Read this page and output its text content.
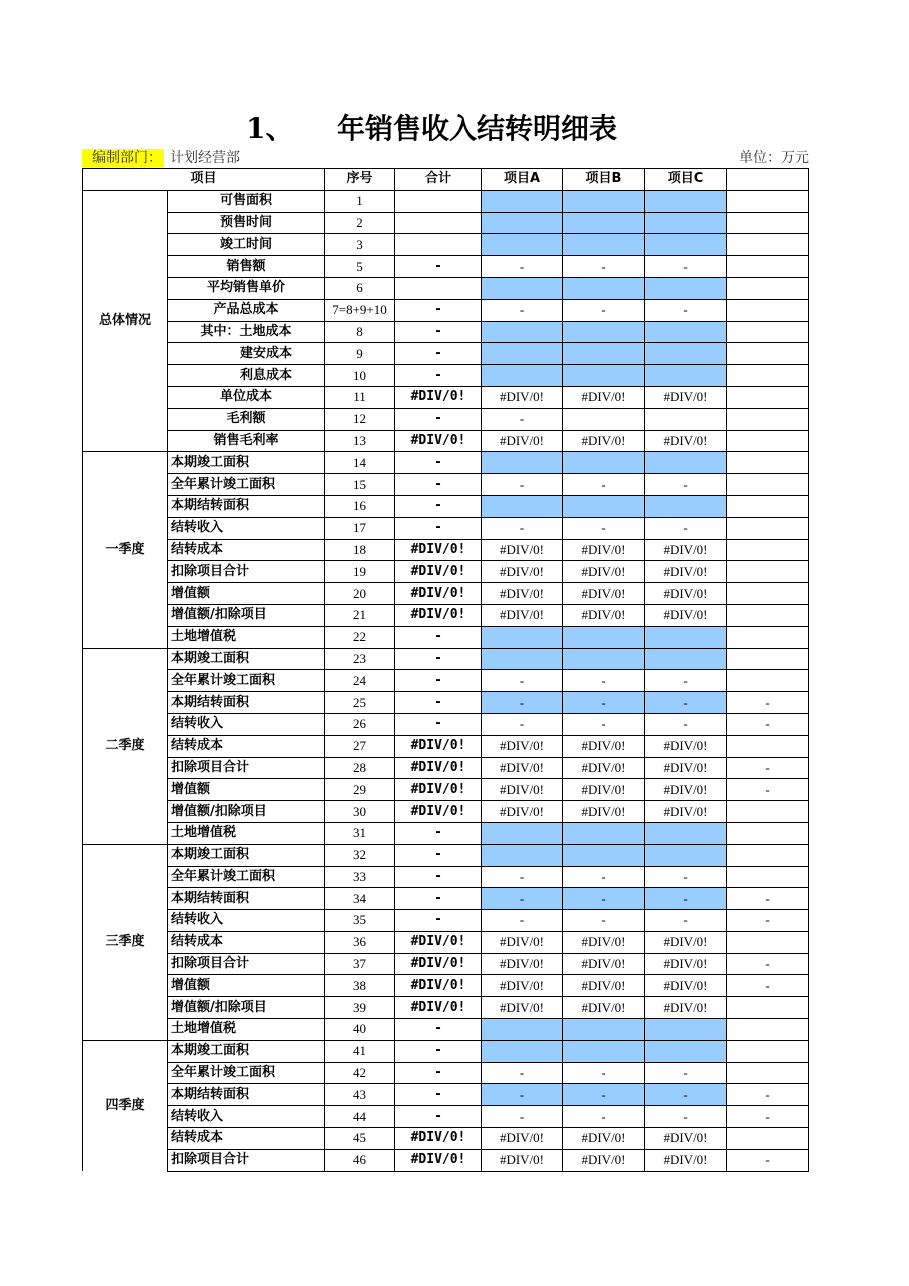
1、 年销售收入结转明细表
编制部门： 计划经营部	单位：万元
项目		序号	合计	项目A	项目B	项目C	
总体情况	可售面积	1					
	预售时间	2					
	竣工时间	3					
	销售额	5	-	-	-	-	
	平均销售单价	6					
	产品总成本	7=8+9+10	-	-	-	-	
	其中：土地成本	8	-				
	建安成本	9	-				
	利息成本	10	-				
	单位成本	11	#DIV/0!	#DIV/0!	#DIV/0!	#DIV/0!	
	毛利额	12	-	-			
	销售毛利率	13	#DIV/0!	#DIV/0!	#DIV/0!	#DIV/0!	
一季度	本期竣工面积	14	-				
	全年累计竣工面积	15	-	-	-	-	
	本期结转面积	16	-				
	结转收入	17	-	-	-	-	
	结转成本	18	#DIV/0!	#DIV/0!	#DIV/0!	#DIV/0!	
	扣除项目合计	19	#DIV/0!	#DIV/0!	#DIV/0!	#DIV/0!	
	增值额	20	#DIV/0!	#DIV/0!	#DIV/0!	#DIV/0!	
	增值额/扣除项目	21	#DIV/0!	#DIV/0!	#DIV/0!	#DIV/0!	
	土地增值税	22	-				
二季度	本期竣工面积	23	-				
	全年累计竣工面积	24	-	-	-	-	
	本期结转面积	25	-	-	-	-	-
	结转收入	26	-	-	-	-	-
	结转成本	27	#DIV/0!	#DIV/0!	#DIV/0!	#DIV/0!	
	扣除项目合计	28	#DIV/0!	#DIV/0!	#DIV/0!	#DIV/0!	-
	增值额	29	#DIV/0!	#DIV/0!	#DIV/0!	#DIV/0!	-
	增值额/扣除项目	30	#DIV/0!	#DIV/0!	#DIV/0!	#DIV/0!	
	土地增值税	31	-				
三季度	本期竣工面积	32	-				
	全年累计竣工面积	33	-	-	-	-	
	本期结转面积	34	-	-	-	-	-
	结转收入	35	-	-	-	-	-
	结转成本	36	#DIV/0!	#DIV/0!	#DIV/0!	#DIV/0!	
	扣除项目合计	37	#DIV/0!	#DIV/0!	#DIV/0!	#DIV/0!	-
	增值额	38	#DIV/0!	#DIV/0!	#DIV/0!	#DIV/0!	-
	增值额/扣除项目	39	#DIV/0!	#DIV/0!	#DIV/0!	#DIV/0!	
	土地增值税	40	-				
四季度	本期竣工面积	41	-				
	全年累计竣工面积	42	-	-	-	-	
	本期结转面积	43	-	-	-	-	-
	结转收入	44	-	-	-	-	-
	结转成本	45	#DIV/0!	#DIV/0!	#DIV/0!	#DIV/0!	
	扣除项目合计	46	#DIV/0!	#DIV/0!	#DIV/0!	#DIV/0!	-
